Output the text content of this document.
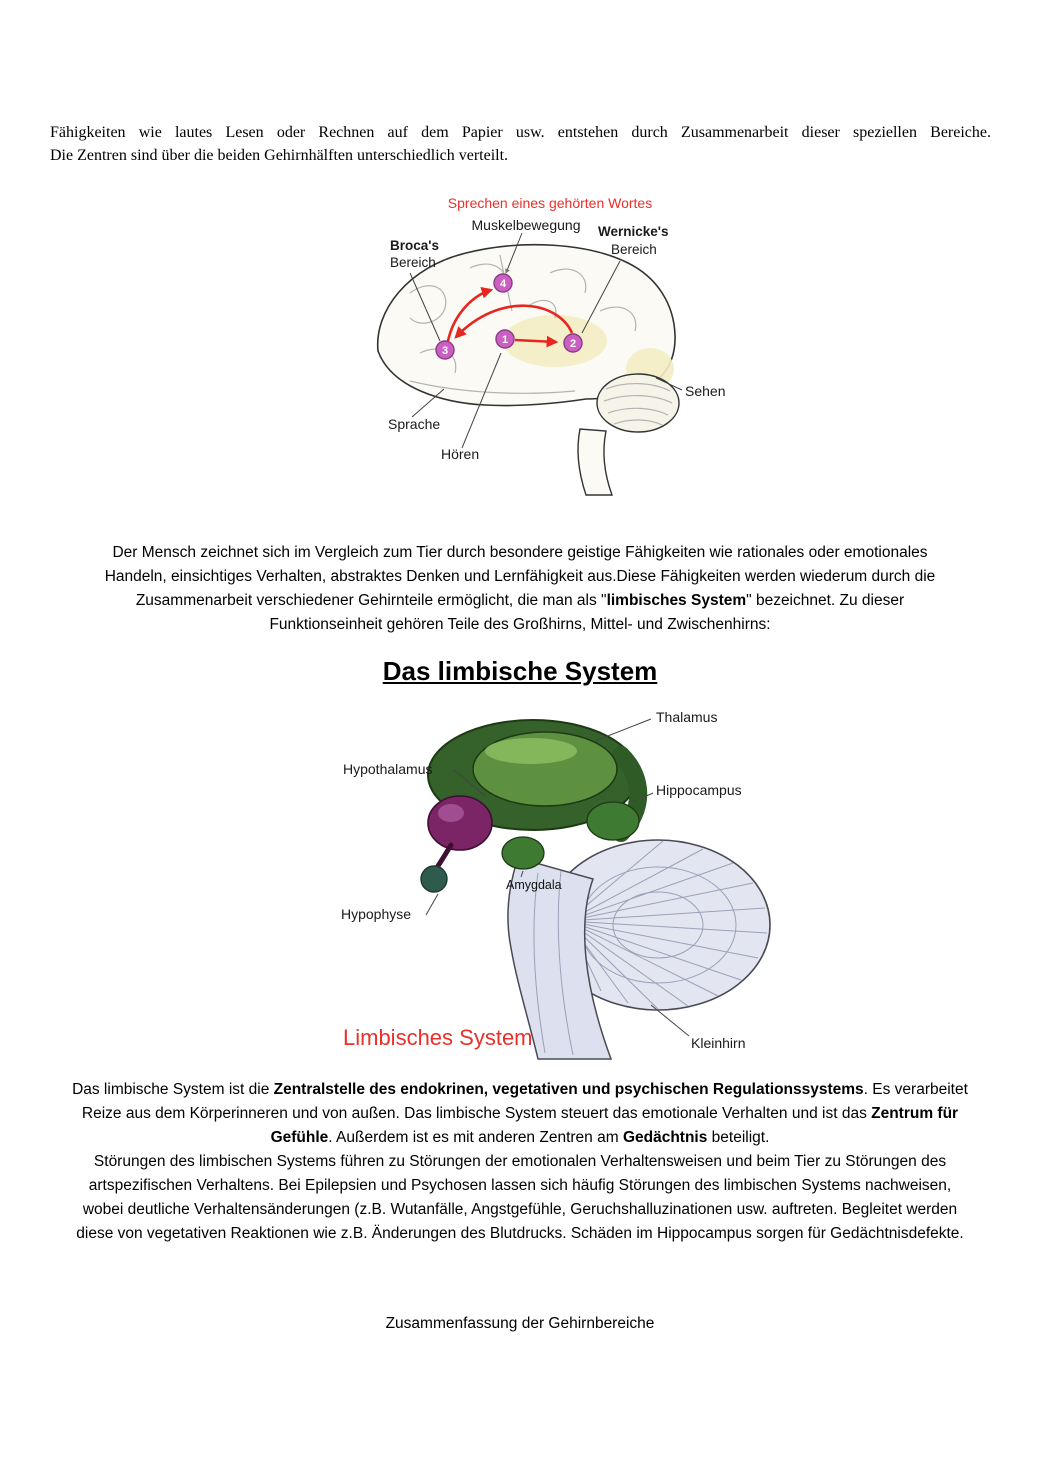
Fähigkeiten wie lautes Lesen oder Rechnen auf dem Papier usw. entstehen durch Zusammenarbeit dieser speziellen Bereiche.
Die Zentren sind über die beiden Gehirnhälften unterschiedlich verteilt.
4
1	2
3
Sprechen eines gehörten Wortes
Muskelbewegung Wernicke's
Bereich
Broca's
Bereich
Sehen
Sprache
Hören
Der Mensch zeichnet sich im Vergleich zum Tier durch besondere geistige Fähigkeiten wie rationales oder emotionales Handeln, einsichtiges Verhalten, abstraktes Denken und Lernfähigkeit aus.Diese Fähigkeiten werden wiederum durch die Zusammenarbeit verschiedener Gehirnteile ermöglicht, die man als "limbisches System" bezeichnet. Zu dieser Funktionseinheit gehören Teile des Großhirns, Mittel- und Zwischenhirns:
Das limbische System
Thalamus
Hypothalamus
Hippocampus
Amygdala
Hypophyse
Kleinhirn
Limbisches System

Das limbische System ist die Zentralstelle des endokrinen, vegetativen und psychischen Regulationssystems. Es verarbeitet Reize aus dem Körperinneren und von außen. Das limbische System steuert das emotionale Verhalten und ist das Zentrum für Gefühle. Außerdem ist es mit anderen Zentren am Gedächtnis beteiligt.

Störungen des limbischen Systems führen zu Störungen der emotionalen Verhaltensweisen und beim Tier zu Störungen des artspezifischen Verhaltens. Bei Epilepsien und Psychosen lassen sich häufig Störungen des limbischen Systems nachweisen, wobei deutliche Verhaltensänderungen (z.B. Wutanfälle, Angstgefühle, Geruchshalluzinationen usw. auftreten. Begleitet werden diese von vegetativen Reaktionen wie z.B. Änderungen des Blutdrucks. Schäden im Hippocampus sorgen für Gedächtnisdefekte.

Zusammenfassung der Gehirnbereiche
